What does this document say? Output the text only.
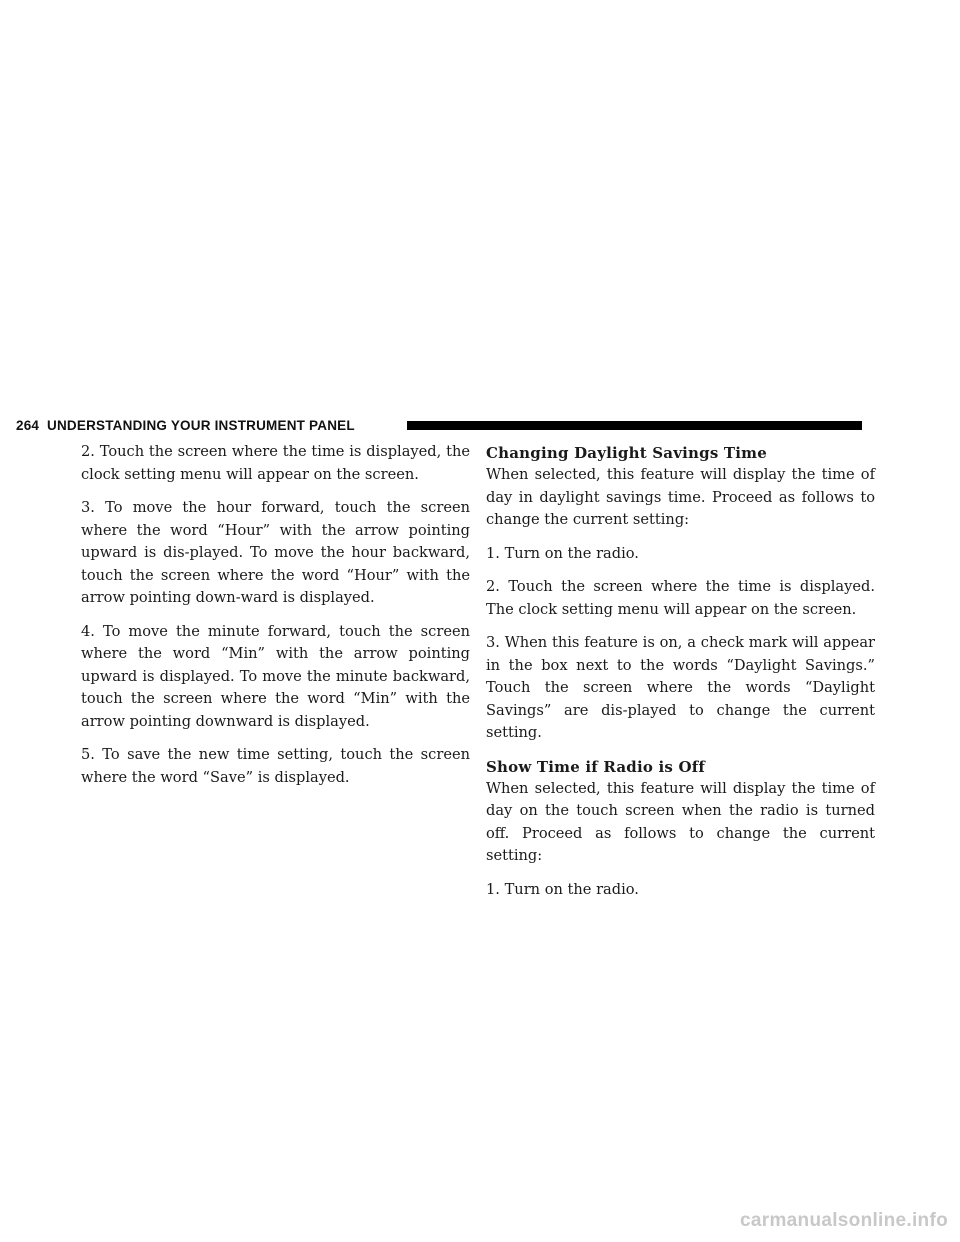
264 UNDERSTANDING YOUR INSTRUMENT PANEL

2. Touch the screen where the time is displayed, the clock setting menu will appear on the screen.

3. To move the hour forward, touch the screen where the word “Hour” with the arrow pointing upward is dis-played. To move the hour backward, touch the screen where the word “Hour” with the arrow pointing down-ward is displayed.

4. To move the minute forward, touch the screen where the word “Min” with the arrow pointing upward is displayed. To move the minute backward, touch the screen where the word “Min” with the arrow pointing downward is displayed.

5. To save the new time setting, touch the screen where the word “Save” is displayed.

Changing Daylight Savings Time

When selected, this feature will display the time of day in daylight savings time. Proceed as follows to change the current setting:

1. Turn on the radio.

2. Touch the screen where the time is displayed. The clock setting menu will appear on the screen.

3. When this feature is on, a check mark will appear in the box next to the words “Daylight Savings.” Touch the screen where the words “Daylight Savings” are dis-played to change the current setting.

Show Time if Radio is Off

When selected, this feature will display the time of day on the touch screen when the radio is turned off. Proceed as follows to change the current setting:

1. Turn on the radio.

carmanualsonline.info
